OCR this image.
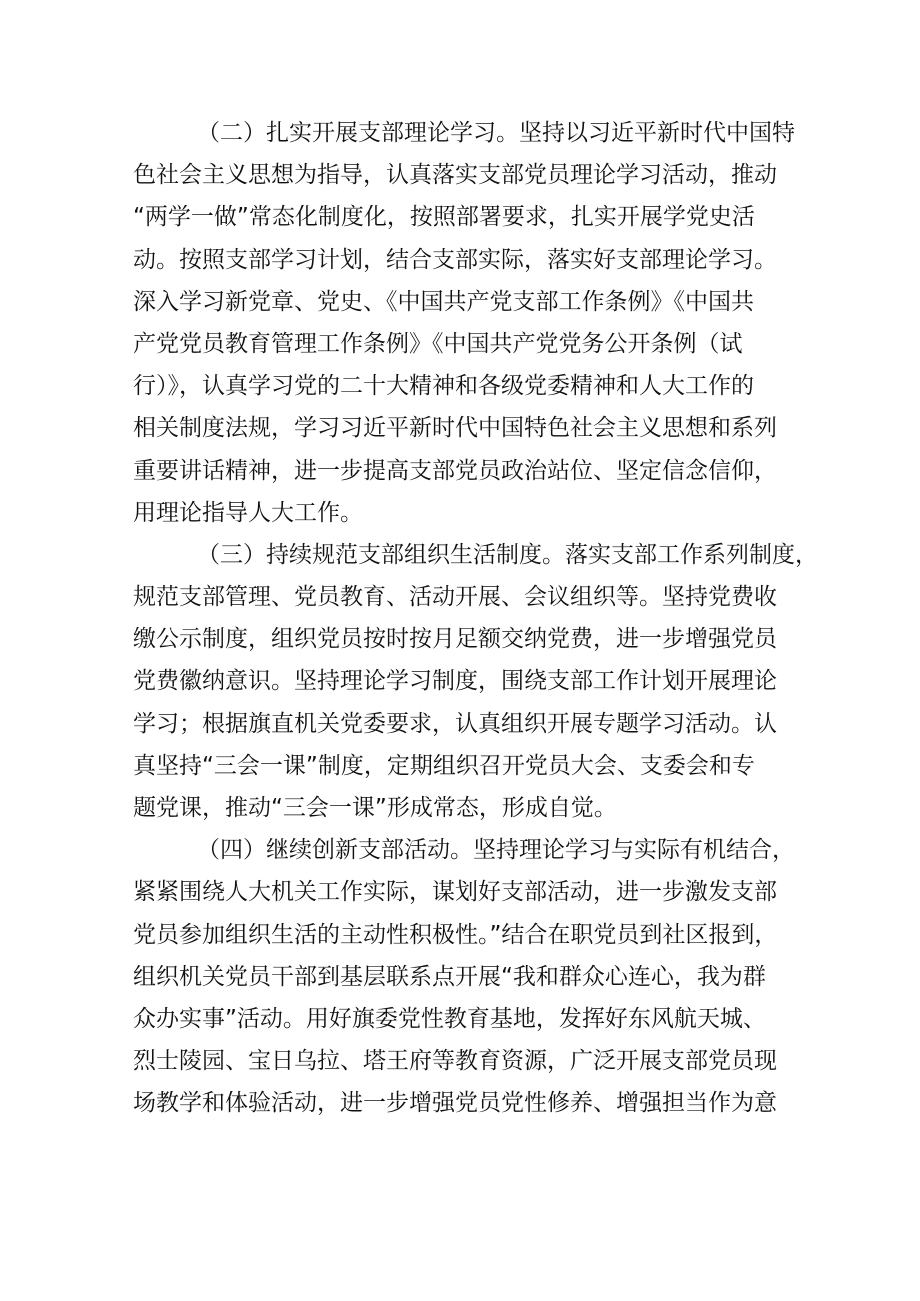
（二）扎实开展支部理论学习。坚持以习近平新时代中国特
色社会主义思想为指导，认真落实支部党员理论学习活动，推动
“两学一做”常态化制度化，按照部署要求，扎实开展学党史活
动。按照支部学习计划，结合支部实际，落实好支部理论学习。
深入学习新党章、党史、《中国共产党支部工作条例》《中国共
产党党员教育管理工作条例》《中国共产党党务公开条例（试
行）》，认真学习党的二十大精神和各级党委精神和人大工作的
相关制度法规，学习习近平新时代中国特色社会主义思想和系列
重要讲话精神，进一步提高支部党员政治站位、坚定信念信仰，
用理论指导人大工作。
（三）持续规范支部组织生活制度。落实支部工作系列制度，
规范支部管理、党员教育、活动开展、会议组织等。坚持党费收
缴公示制度，组织党员按时按月足额交纳党费，进一步增强党员
党费徽纳意识。坚持理论学习制度，围绕支部工作计划开展理论
学习；根据旗直机关党委要求，认真组织开展专题学习活动。认
真坚持“三会一课”制度，定期组织召开党员大会、支委会和专
题党课，推动“三会一课”形成常态，形成自觉。
（四）继续创新支部活动。坚持理论学习与实际有机结合，
紧紧围绕人大机关工作实际，谋划好支部活动，进一步激发支部
党员参加组织生活的主动性积极性。”结合在职党员到社区报到，
组织机关党员干部到基层联系点开展“我和群众心连心，我为群
众办实事”活动。用好旗委党性教育基地，发挥好东风航天城、
烈士陵园、宝日乌拉、塔王府等教育资源，广泛开展支部党员现
场教学和体验活动，进一步增强党员党性修养、增强担当作为意
